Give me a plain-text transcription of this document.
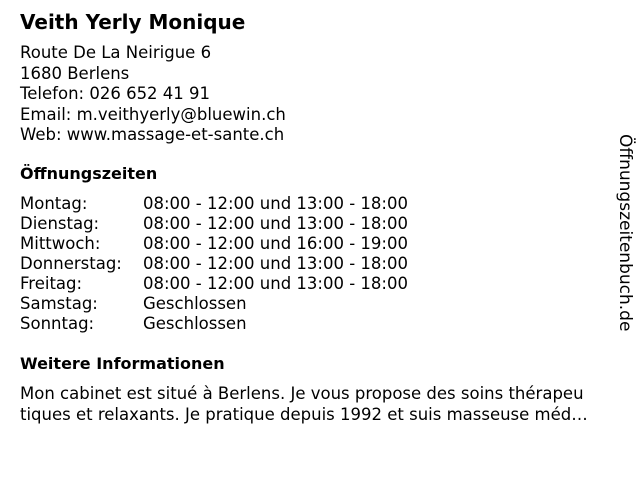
Veith Yerly Monique
Route De La Neirigue 6
1680 Berlens
Telefon: 026 652 41 91
Email: m.veithyerly@bluewin.ch
Web: www.massage-et-sante.ch
Öffnungszeiten
Montag:	08:00 - 12:00 und 13:00 - 18:00
Dienstag:	08:00 - 12:00 und 13:00 - 18:00
Mittwoch:	08:00 - 12:00 und 16:00 - 19:00
Donnerstag: 08:00 - 12:00 und 13:00 - 18:00
Freitag:	08:00 - 12:00 und 13:00 - 18:00
Samstag:	Geschlossen
Sonntag:	Geschlossen
Weitere Informationen
Mon cabinet est situé à Berlens. Je vous propose des soins thérapeu
tiques et relaxants. Je pratique depuis 1992 et suis masseuse méd…
Öffnungszeitenbuch.de
